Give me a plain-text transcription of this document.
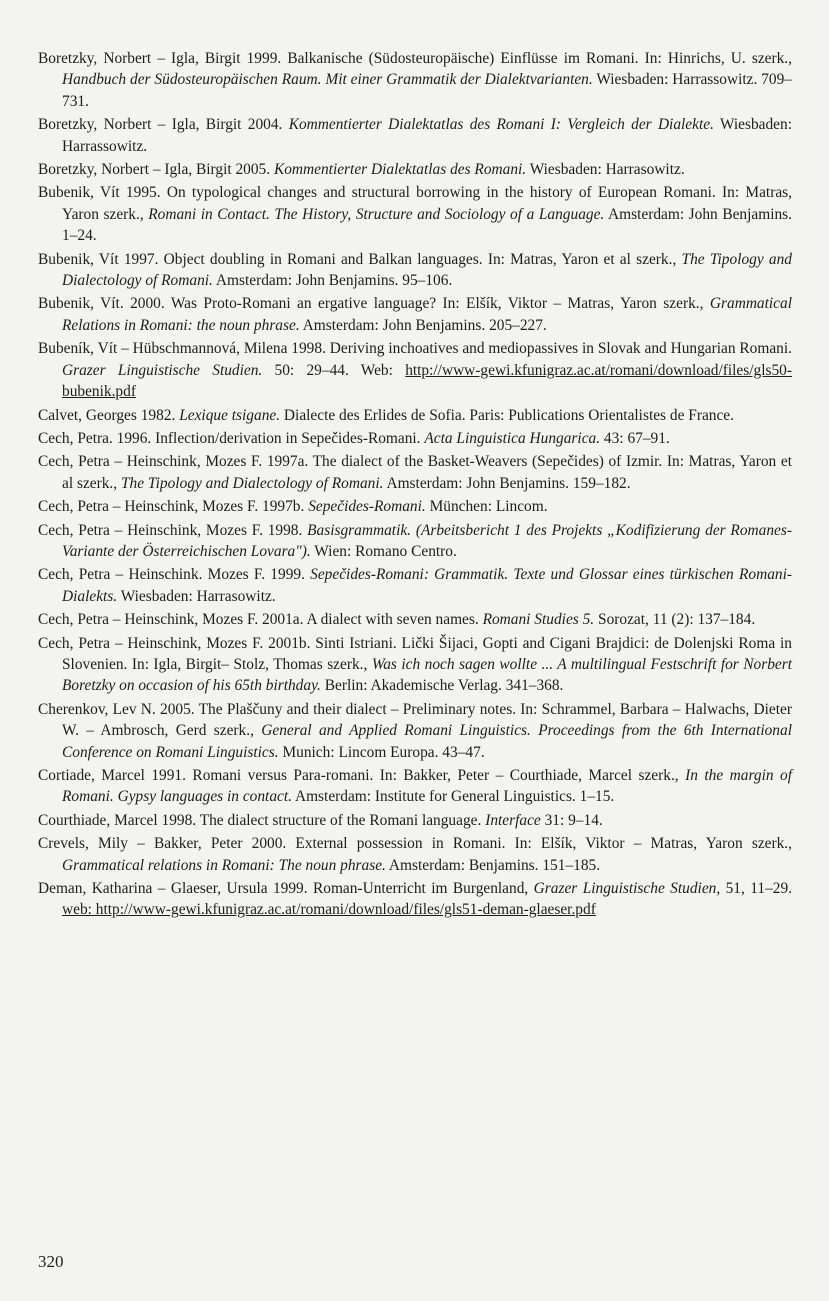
Boretzky, Norbert – Igla, Birgit 1999. Balkanische (Südosteuropäische) Einflüsse im Romani. In: Hinrichs, U. szerk., Handbuch der Südosteuropäischen Raum. Mit einer Grammatik der Dialektvarianten. Wiesbaden: Harrassowitz. 709–731.

Boretzky, Norbert – Igla, Birgit 2004. Kommentierter Dialektatlas des Romani I: Vergleich der Dialekte. Wiesbaden: Harrassowitz.

Boretzky, Norbert – Igla, Birgit 2005. Kommentierter Dialektatlas des Romani. Wiesbaden: Harrasowitz.

Bubenik, Vít 1995. On typological changes and structural borrowing in the history of European Romani. In: Matras, Yaron szerk., Romani in Contact. The History, Structure and Sociology of a Language. Amsterdam: John Benjamins. 1–24.

Bubenik, Vít 1997. Object doubling in Romani and Balkan languages. In: Matras, Yaron et al szerk., The Tipology and Dialectology of Romani. Amsterdam: John Benjamins. 95–106.

Bubenik, Vít. 2000. Was Proto-Romani an ergative language? In: Elšík, Viktor – Matras, Yaron szerk., Grammatical Relations in Romani: the noun phrase. Amsterdam: John Benjamins. 205–227.

Bubeník, Vít – Hübschmannová, Milena 1998. Deriving inchoatives and mediopassives in Slovak and Hungarian Romani. Grazer Linguistische Studien. 50: 29–44. Web: http://www-gewi.kfunigraz.ac.at/romani/download/files/gls50-bubenik.pdf

Calvet, Georges 1982. Lexique tsigane. Dialecte des Erlides de Sofia. Paris: Publications Orientalistes de France.

Cech, Petra. 1996. Inflection/derivation in Sepečides-Romani. Acta Linguistica Hungarica. 43: 67–91.

Cech, Petra – Heinschink, Mozes F. 1997a. The dialect of the Basket-Weavers (Sepečides) of Izmir. In: Matras, Yaron et al szerk., The Tipology and Dialectology of Romani. Amsterdam: John Benjamins. 159–182.

Cech, Petra – Heinschink, Mozes F. 1997b. Sepečides-Romani. München: Lincom.

Cech, Petra – Heinschink, Mozes F. 1998. Basisgrammatik. (Arbeitsbericht 1 des Projekts „Kodifizierung der Romanes-Variante der Österreichischen Lovara"). Wien: Romano Centro.

Cech, Petra – Heinschink. Mozes F. 1999. Sepečides-Romani: Grammatik. Texte und Glossar eines türkischen Romani-Dialekts. Wiesbaden: Harrasowitz.

Cech, Petra – Heinschink, Mozes F. 2001a. A dialect with seven names. Romani Studies 5. Sorozat, 11 (2): 137–184.

Cech, Petra – Heinschink, Mozes F. 2001b. Sinti Istriani. Lički Šijaci, Gopti and Cigani Brajdici: de Dolenjski Roma in Slovenien. In: Igla, Birgit– Stolz, Thomas szerk., Was ich noch sagen wollte ... A multilingual Festschrift for Norbert Boretzky on occasion of his 65th birthday. Berlin: Akademische Verlag. 341–368.

Cherenkov, Lev N. 2005. The Plaščuny and their dialect – Preliminary notes. In: Schrammel, Barbara – Halwachs, Dieter W. – Ambrosch, Gerd szerk., General and Applied Romani Linguistics. Proceedings from the 6th International Conference on Romani Linguistics. Munich: Lincom Europa. 43–47.

Cortiade, Marcel 1991. Romani versus Para-romani. In: Bakker, Peter – Courthiade, Marcel szerk., In the margin of Romani. Gypsy languages in contact. Amsterdam: Institute for General Linguistics. 1–15.

Courthiade, Marcel 1998. The dialect structure of the Romani language. Interface 31: 9–14.

Crevels, Mily – Bakker, Peter 2000. External possession in Romani. In: Elšík, Viktor – Matras, Yaron szerk., Grammatical relations in Romani: The noun phrase. Amsterdam: Benjamins. 151–185.

Deman, Katharina – Glaeser, Ursula 1999. Roman-Unterricht im Burgenland, Grazer Linguistische Studien, 51, 11–29. web: http://www-gewi.kfunigraz.ac.at/romani/download/files/gls51-deman-glaeser.pdf

320
